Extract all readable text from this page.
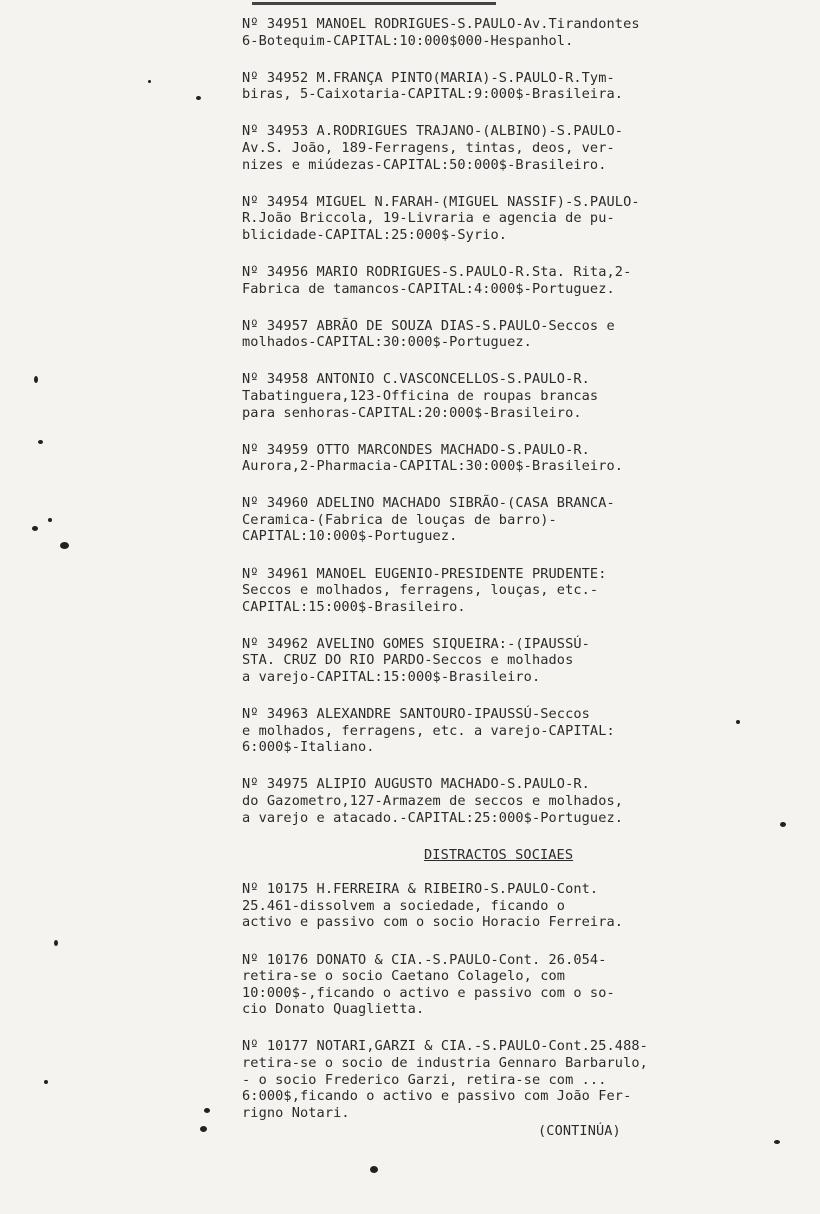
Nº 34951 MANOEL RODRIGUES-S.PAULO-Av.Tirandontes
6-Botequim-CAPITAL:10:000$000-Hespanhol.
Nº 34952 M.FRANÇA PINTO(MARIA)-S.PAULO-R.Tym-
biras, 5-Caixotaria-CAPITAL:9:000$-Brasileira.
Nº 34953 A.RODRIGUES TRAJANO-(ALBINO)-S.PAULO-
Av.S. João, 189-Ferragens, tintas, deos, ver-
nizes e miúdezas-CAPITAL:50:000$-Brasileiro.
Nº 34954 MIGUEL N.FARAH-(MIGUEL NASSIF)-S.PAULO-
R.João Briccola, 19-Livraria e agencia de pu-
blicidade-CAPITAL:25:000$-Syrio.
Nº 34956 MARIO RODRIGUES-S.PAULO-R.Sta. Rita,2-
Fabrica de tamancos-CAPITAL:4:000$-Portuguez.
Nº 34957 ABRÃO DE SOUZA DIAS-S.PAULO-Seccos e
molhados-CAPITAL:30:000$-Portuguez.
Nº 34958 ANTONIO C.VASCONCELLOS-S.PAULO-R.
Tabatinguera,123-Officina de roupas brancas
para senhoras-CAPITAL:20:000$-Brasileiro.
Nº 34959 OTTO MARCONDES MACHADO-S.PAULO-R.
Aurora,2-Pharmacia-CAPITAL:30:000$-Brasileiro.
Nº 34960 ADELINO MACHADO SIBRÃO-(CASA BRANCA-
Ceramica-(Fabrica de louças de barro)-
CAPITAL:10:000$-Portuguez.
Nº 34961 MANOEL EUGENIO-PRESIDENTE PRUDENTE:
Seccos e molhados, ferragens, louças, etc.-
CAPITAL:15:000$-Brasileiro.
Nº 34962 AVELINO GOMES SIQUEIRA:-(IPAUSSÚ-
STA. CRUZ DO RIO PARDO-Seccos e molhados
a varejo-CAPITAL:15:000$-Brasileiro.
Nº 34963 ALEXANDRE SANTOURO-IPAUSSÚ-Seccos
e molhados, ferragens, etc. a varejo-CAPITAL:
6:000$-Italiano.
Nº 34975 ALIPIO AUGUSTO MACHADO-S.PAULO-R.
do Gazometro,127-Armazem de seccos e molhados,
a varejo e atacado.-CAPITAL:25:000$-Portuguez.
DISTRACTOS SOCIAES
Nº 10175 H.FERREIRA & RIBEIRO-S.PAULO-Cont.
25.461-dissolvem a sociedade, ficando o
activo e passivo com o socio Horacio Ferreira.
Nº 10176 DONATO & CIA.-S.PAULO-Cont. 26.054-
retira-se o socio Caetano Colagelo, com
10:000$-,ficando o activo e passivo com o so-
cio Donato Quaglietta.
Nº 10177 NOTARI,GARZI & CIA.-S.PAULO-Cont.25.488-
retira-se o socio de industria Gennaro Barbarulo,
- o socio Frederico Garzi, retira-se com ...
6:000$,ficando o activo e passivo com João Fer-
rigno Notari.
(CONTINÚA)
